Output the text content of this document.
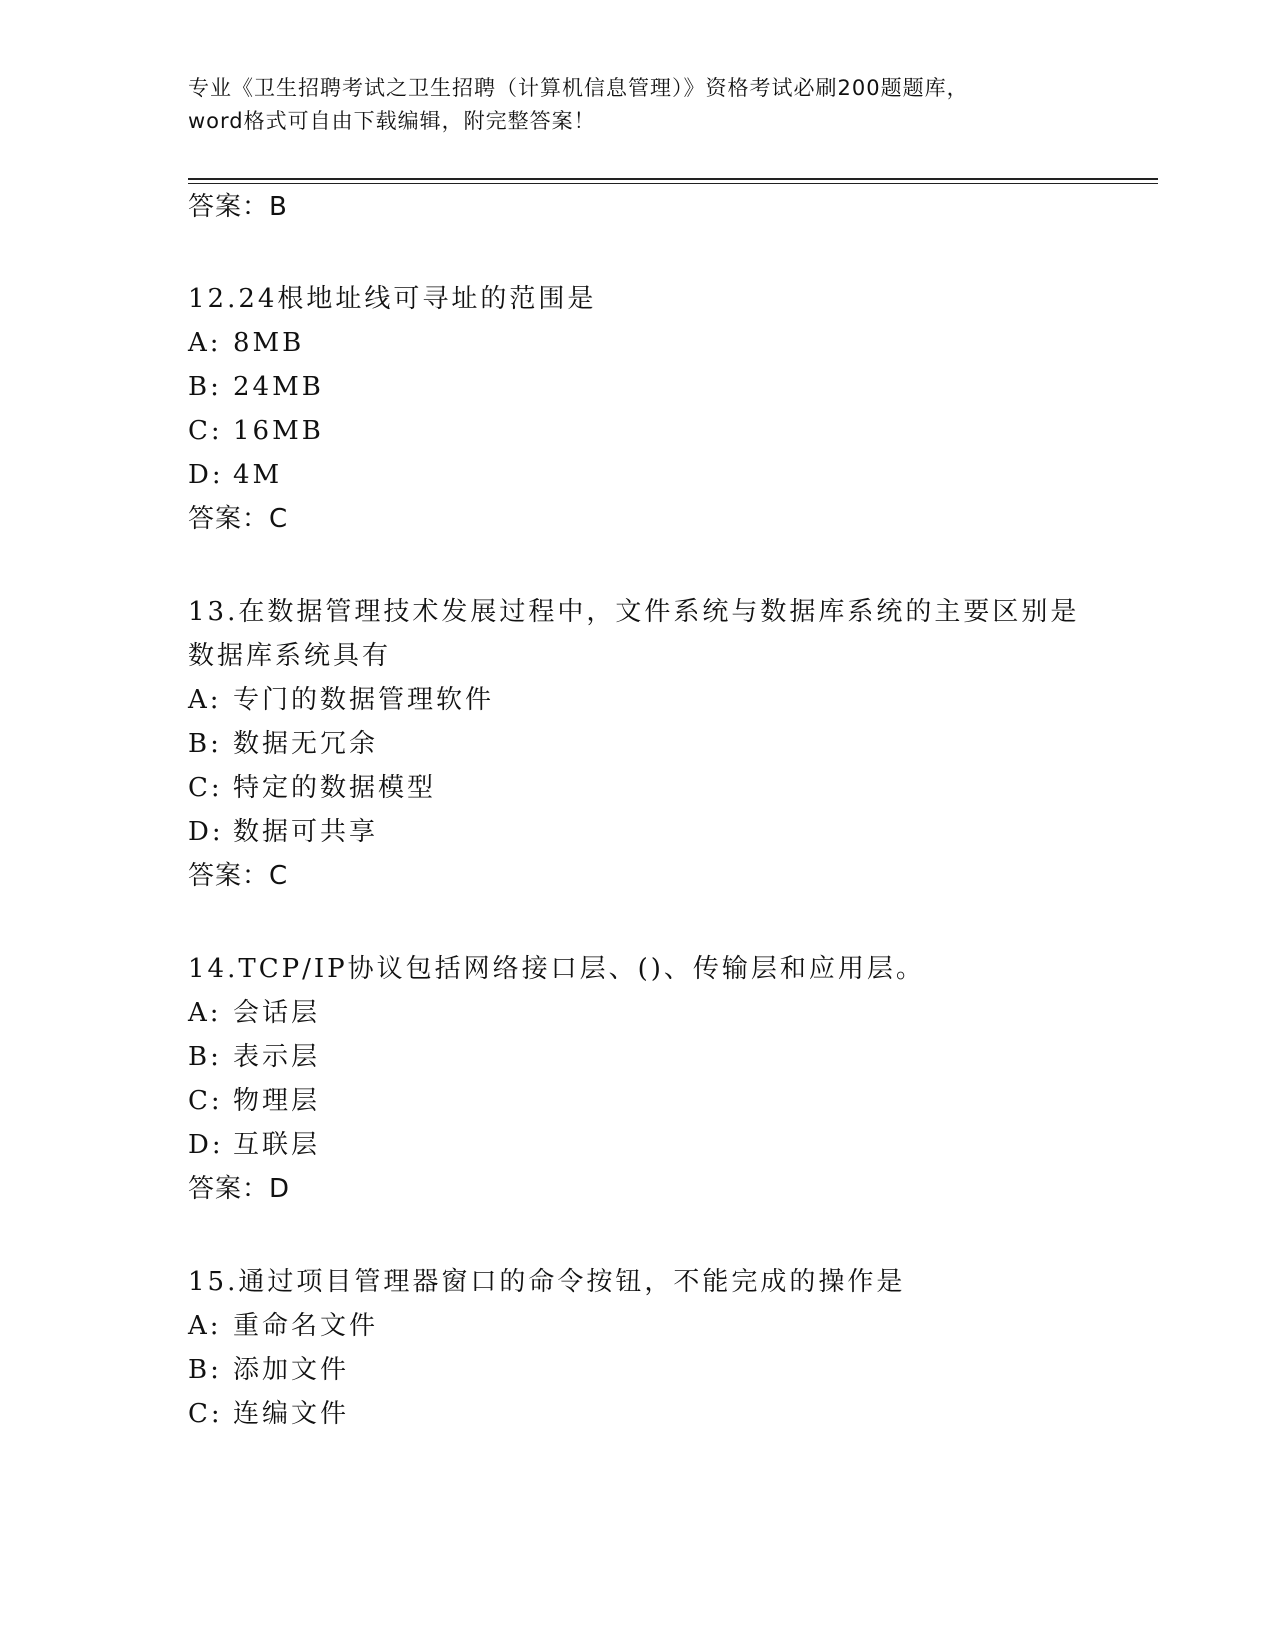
专业《卫生招聘考试之卫生招聘（计算机信息管理）》资格考试必刷200题题库，
word格式可自由下载编辑，附完整答案！
答案：B
12.24根地址线可寻址的范围是
A: 8MB
B: 24MB
C: 16MB
D: 4M
答案：C
13.在数据管理技术发展过程中，文件系统与数据库系统的主要区别是
数据库系统具有
A: 专门的数据管理软件
B: 数据无冗余
C: 特定的数据模型
D: 数据可共享
答案：C
14.TCP/IP协议包括网络接口层、()、传输层和应用层。
A: 会话层
B: 表示层
C: 物理层
D: 互联层
答案：D
15.通过项目管理器窗口的命令按钮，不能完成的操作是
A: 重命名文件
B: 添加文件
C: 连编文件
